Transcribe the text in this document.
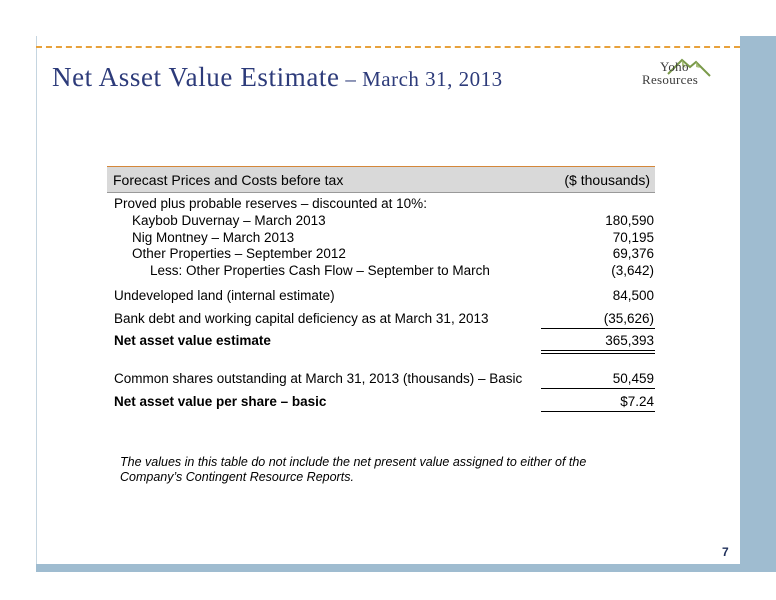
Net Asset Value Estimate – March 31, 2013
Yoho
Resources
Forecast Prices and Costs before tax	($ thousands)
Proved plus probable reserves – discounted at 10%:
Kaybob Duvernay – March 2013	180,590
Nig Montney – March 2013	70,195
Other Properties – September 2012	69,376
Less: Other Properties Cash Flow – September to March	(3,642)
Undeveloped land (internal estimate)	84,500
Bank debt and working capital deficiency as at March 31, 2013	(35,626)
Net asset value estimate	365,393
Common shares outstanding at March 31, 2013 (thousands) – Basic	50,459
Net asset value per share – basic	$7.24
The values in this table do not include the net present value assigned to either of the Company’s Contingent Resource Reports.
7
